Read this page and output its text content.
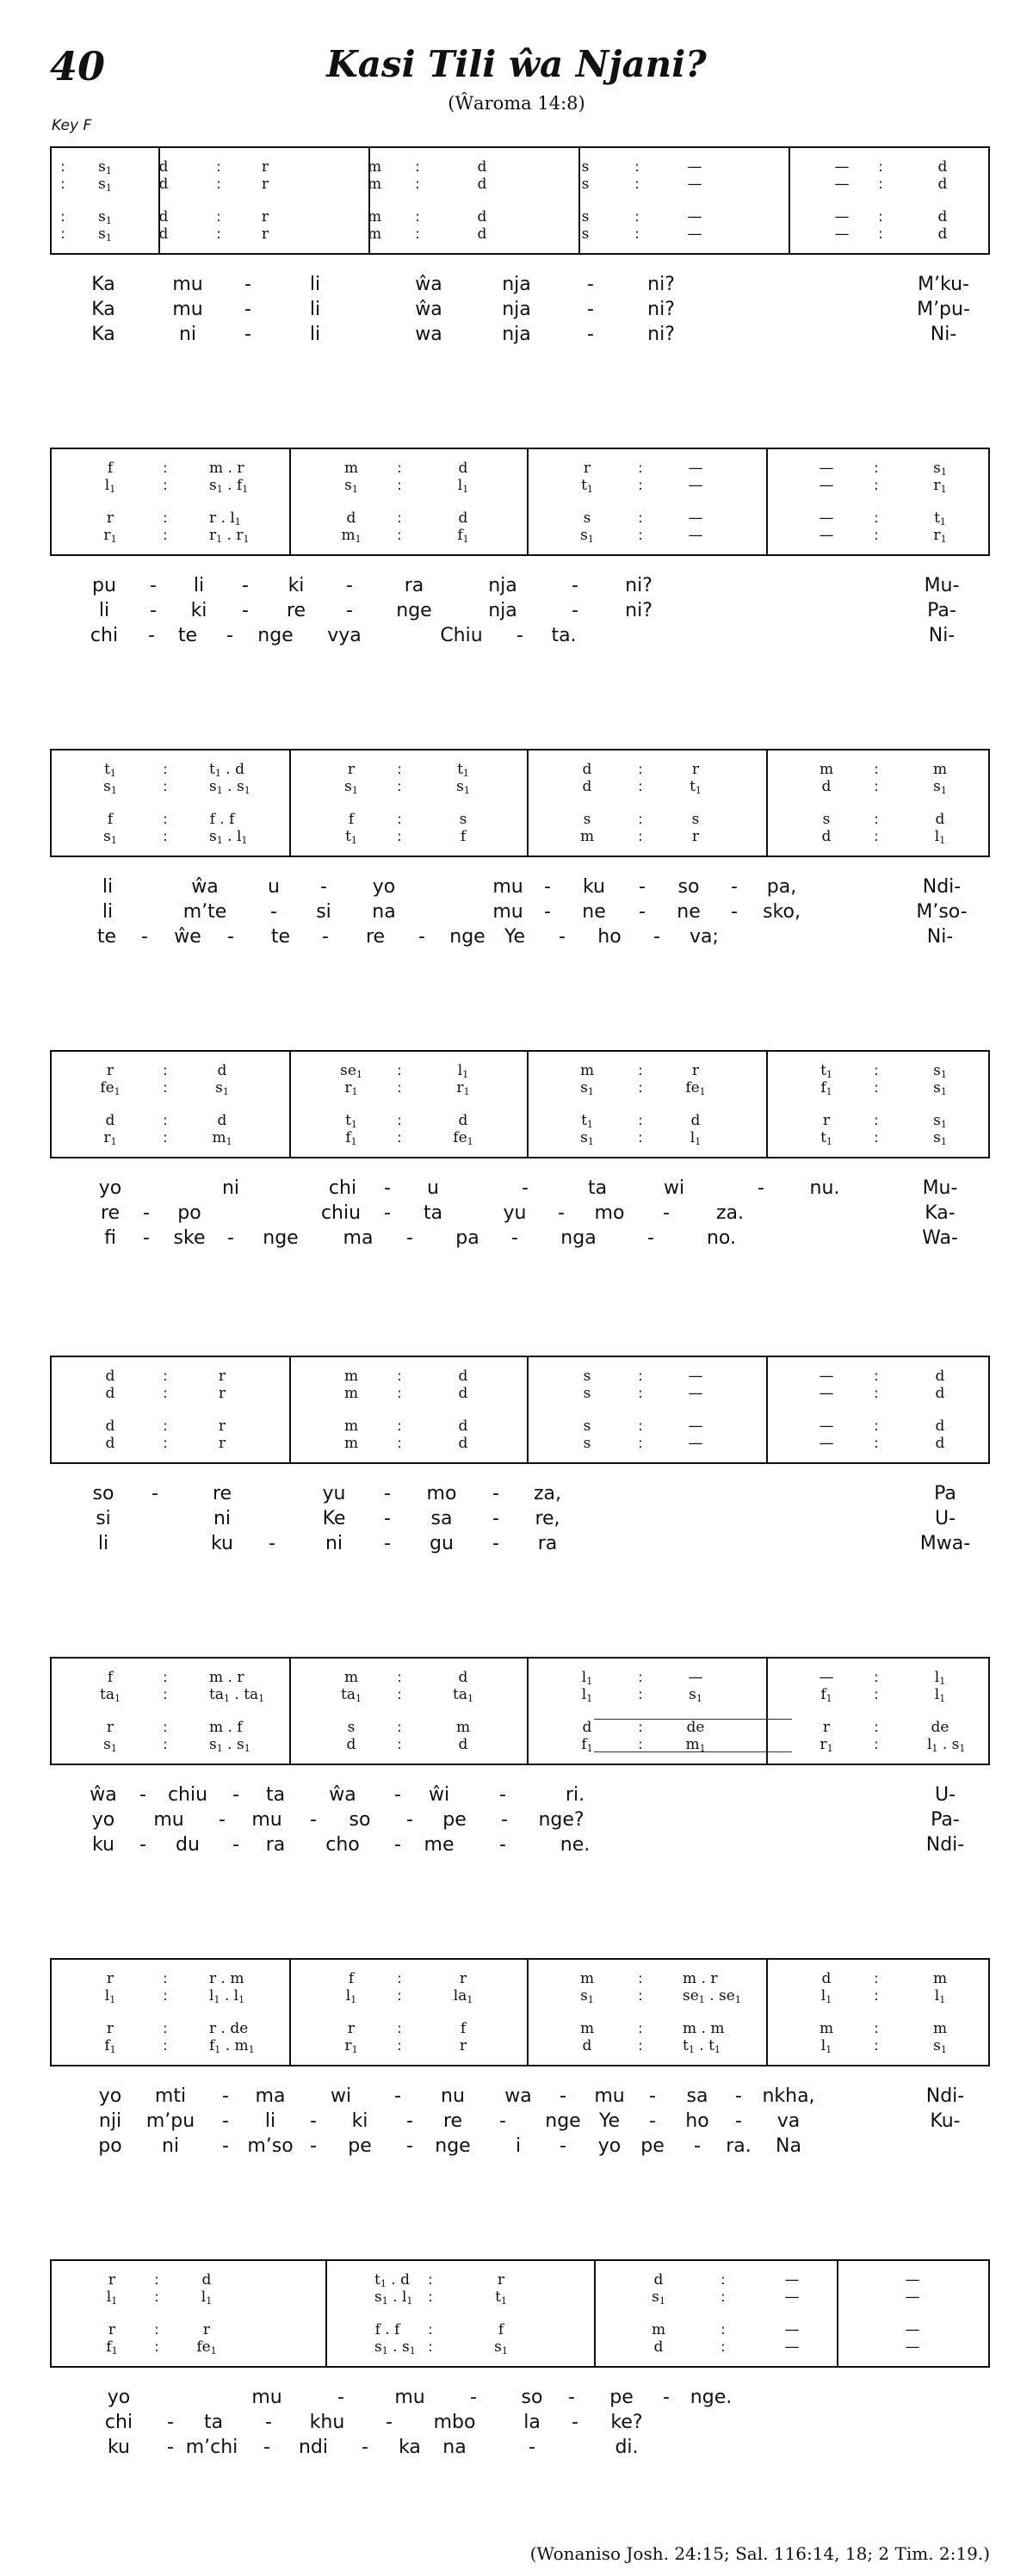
40	Kasi Tili ŵa Njani?
(Ŵaroma 14:8)
Key F
:	$s_1$	d	:	r	m	:	d	s	:	—	—	:	d
:	$s_1$	d	:	r	m	:	d	s	:	—	—	:	d
:	$s_1$	d	:	r	m	:	d	s	:	—	—	:	d
:	$s_1$	d	:	r	m	:	d	s	:	—	—	:	d
Ka	mu -	li	ŵa	nja	-	ni?	M’ku-
Ka	mu -	li	ŵa	nja	-	ni?	M’pu-
Ka	ni	-	li	wa	nja	-	ni?	Ni-
f	:	m . r	m	:	d	r	:	—	—	:	$s_1$
$l_1$	:	$s_1$ . $f_1$	$s_1$	:	$l_1$	$t_1$	:	—	—	:	$r_1$
r	:	r . $l_1$	d	:	d	s	:	—	—	:	$t_1$
$r_1$	:	$r_1$ . $r_1$	$m_1$	:	$f_1$	$s_1$	:	—	—	:	$r_1$
pu - li - ki -	ra	nja	- ni?	Mu-
li - ki - re - nge	nja	- ni?	Pa-
chi - te - nge vya	Chiu - ta.	Ni-
$t_1$	:	$t_1$ . d	r	:	$t_1$	d	:	r	m	:	m
$s_1$	:	$s_1$ . $s_1$	$s_1$	:	$s_1$	d	:	$t_1$	d	:	$s_1$
f	:	f . f	f	:	s	s	:	s	s	:	d
$s_1$	:	$s_1$ . $l_1$	$t_1$	:	f	m	:	r	d	:	$l_1$
li	ŵa	u - yo	mu - ku - so - pa,	Ndi-
li	m’te - si na	mu - ne - ne - sko,	M’so-
te - ŵe - te - re - nge Ye - ho - va;	Ni-
r	:	d	$se_1$	:	$l_1$	m	:	r	$t_1$	:	$s_1$
$fe_1$	:	$s_1$	$r_1$	:	$r_1$	$s_1$	:	$fe_1$	$f_1$	:	$s_1$
d	:	d	$t_1$	:	d	$t_1$	:	d	r	:	$s_1$
$r_1$	:	$m_1$	$f_1$	:	$fe_1$	$s_1$	:	$l_1$	$t_1$	:	$s_1$
yo	ni	chi - u	-	ta	wi	- nu.	Mu-
re - po	chiu - ta	yu - mo - za.	Ka-
fi - ske - nge ma - pa - nga	-	no.	Wa-
d	:	r	m	:	d	s	:	—	—	:	d
d	:	r	m	:	d	s	:	—	—	:	d
d	:	r	m	:	d	s	:	—	—	:	d
d	:	r	m	:	d	s	:	—	—	:	d
so -	re	yu - mo - za,	Pa
si	ni	Ke - sa - re,	U-
li	ku -	ni - gu - ra	Mwa-
f	:	m . r	m	:	d	$l_1$	:	—	—	:	$l_1$
$ta_1$	:	$ta_1$ . $ta_1$	$ta_1$	:	$ta_1$	$l_1$	:	$s_1$	$f_1$	:	$l_1$
r	:	m . f	s	:	m	d	:	de	r	:	de
$s_1$	:	$s_1$ . $s_1$	d	:	d	$f_1$	:	$m_1$	$r_1$	:	$l_1$ . $s_1$
ŵa - chiu - ta ŵa - ŵi	-	ri.	U-
yo mu - mu - so - pe - nge?	Pa-
ku - du - ra cho - me -	ne.	Ndi-
r	:	r . m	f	:	r	m	:	m . r	d	:	m
$l_1$	:	$l_1$ . $l_1$	$l_1$	:	$la_1$	$s_1$	:	$se_1$ . $se_1$	$l_1$	:	$l_1$
r	:	r . de	r	:	f	m	:	m . m	m	:	m
$f_1$	:	$f_1$ . $m_1$	$r_1$	:	r	d	:	$t_1$ . $t_1$	$l_1$	:	$s_1$
yo mti - ma wi - nu wa - mu - sa - nkha,	Ndi-
nji m’pu - li - ki - re - nge Ye - ho - va	Ku-
po ni - m’so - pe - nge i - yo pe - ra. Na
r	:	d	$t_1$ . d	:	r	d	:	—	—
$l_1$	:	$l_1$	$s_1$ . $l_1$	:	$t_1$	$s_1$	:	—	—
r	:	r	f . f	:	f	m	:	—	—
$f_1$	:	$fe_1$	$s_1$ . $s_1$ :	$s_1$	d	:	—	—
yo	mu	-	mu - so - pe - nge.
chi - ta - khu - mbo	la - ke?
ku - m’chi - ndi - ka na	-	di.
(Wonaniso Josh. 24:15; Sal. 116:14, 18; 2 Tim. 2:19.)
